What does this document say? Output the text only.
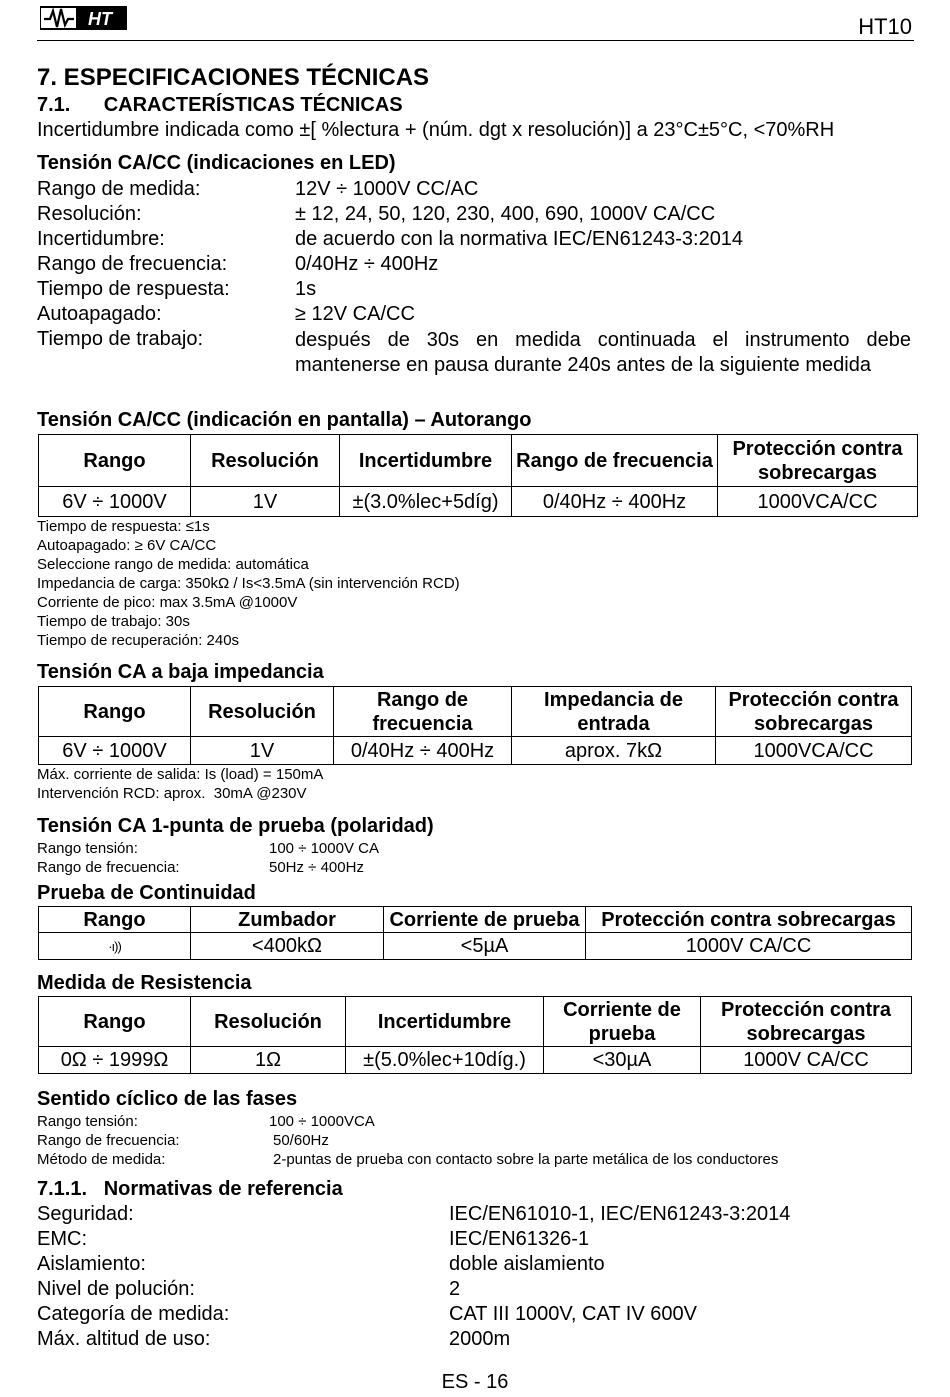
HT	HT10
7. ESPECIFICACIONES TÉCNICAS
7.1.      CARACTERÍSTICAS TÉCNICAS
Incertidumbre indicada como ±[ %lectura + (núm. dgt x resolución)] a 23°C±5°C, <70%RH
Tensión CA/CC (indicaciones en LED)
Rango de medida:	12V ÷ 1000V CC/AC
Resolución:	± 12, 24, 50, 120, 230, 400, 690, 1000V CA/CC
Incertidumbre:	de acuerdo con la normativa IEC/EN61243-3:2014
Rango de frecuencia:	0/40Hz ÷ 400Hz
Tiempo de respuesta:	1s
Autoapagado:	≥ 12V CA/CC
Tiempo de trabajo:	después de 30s en medida continuada el instrumento debe mantenerse en pausa durante 240s antes de la siguiente medida
Tensión CA/CC (indicación en pantalla) – Autorango
Rango	Resolución	Incertidumbre	Rango de frecuencia	Protección contra sobrecargas
6V ÷ 1000V	1V	±(3.0%lec+5díg)	0/40Hz ÷ 400Hz	1000VCA/CC
Tiempo de respuesta: ≤1s
Autoapagado: ≥ 6V CA/CC
Seleccione rango de medida: automática
Impedancia de carga: 350kΩ / Is<3.5mA (sin intervención RCD)
Corriente de pico: max 3.5mA @1000V
Tiempo de trabajo: 30s
Tiempo de recuperación: 240s
Tensión CA a baja impedancia
Rango	Resolución	Rango de frecuencia	Impedancia de entrada	Protección contra sobrecargas
6V ÷ 1000V	1V	0/40Hz ÷ 400Hz	aprox. 7kΩ	1000VCA/CC
Máx. corriente de salida: Is (load) = 150mA
Intervención RCD: aprox.  30mA @230V
Tensión CA 1-punta de prueba (polaridad)
Rango tensión:	100 ÷ 1000V CA
Rango de frecuencia:	50Hz ÷ 400Hz
Prueba de Continuidad
Rango	Zumbador	Corriente de prueba	Protección contra sobrecargas
·ı))	<400kΩ	<5µA	1000V CA/CC
Medida de Resistencia
Rango	Resolución	Incertidumbre	Corriente de prueba	Protección contra sobrecargas
0Ω ÷ 1999Ω	1Ω	±(5.0%lec+10díg.)	<30µA	1000V CA/CC
Sentido cíclico de las fases
Rango tensión:	100 ÷ 1000VCA
Rango de frecuencia:	50/60Hz
Método de medida:	2-puntas de prueba con contacto sobre la parte metálica de los conductores
7.1.1.   Normativas de referencia
Seguridad:	IEC/EN61010-1, IEC/EN61243-3:2014
EMC:	IEC/EN61326-1
Aislamiento:	doble aislamiento
Nivel de polución:	2
Categoría de medida:	CAT III 1000V, CAT IV 600V
Máx. altitud de uso:	2000m
ES - 16
